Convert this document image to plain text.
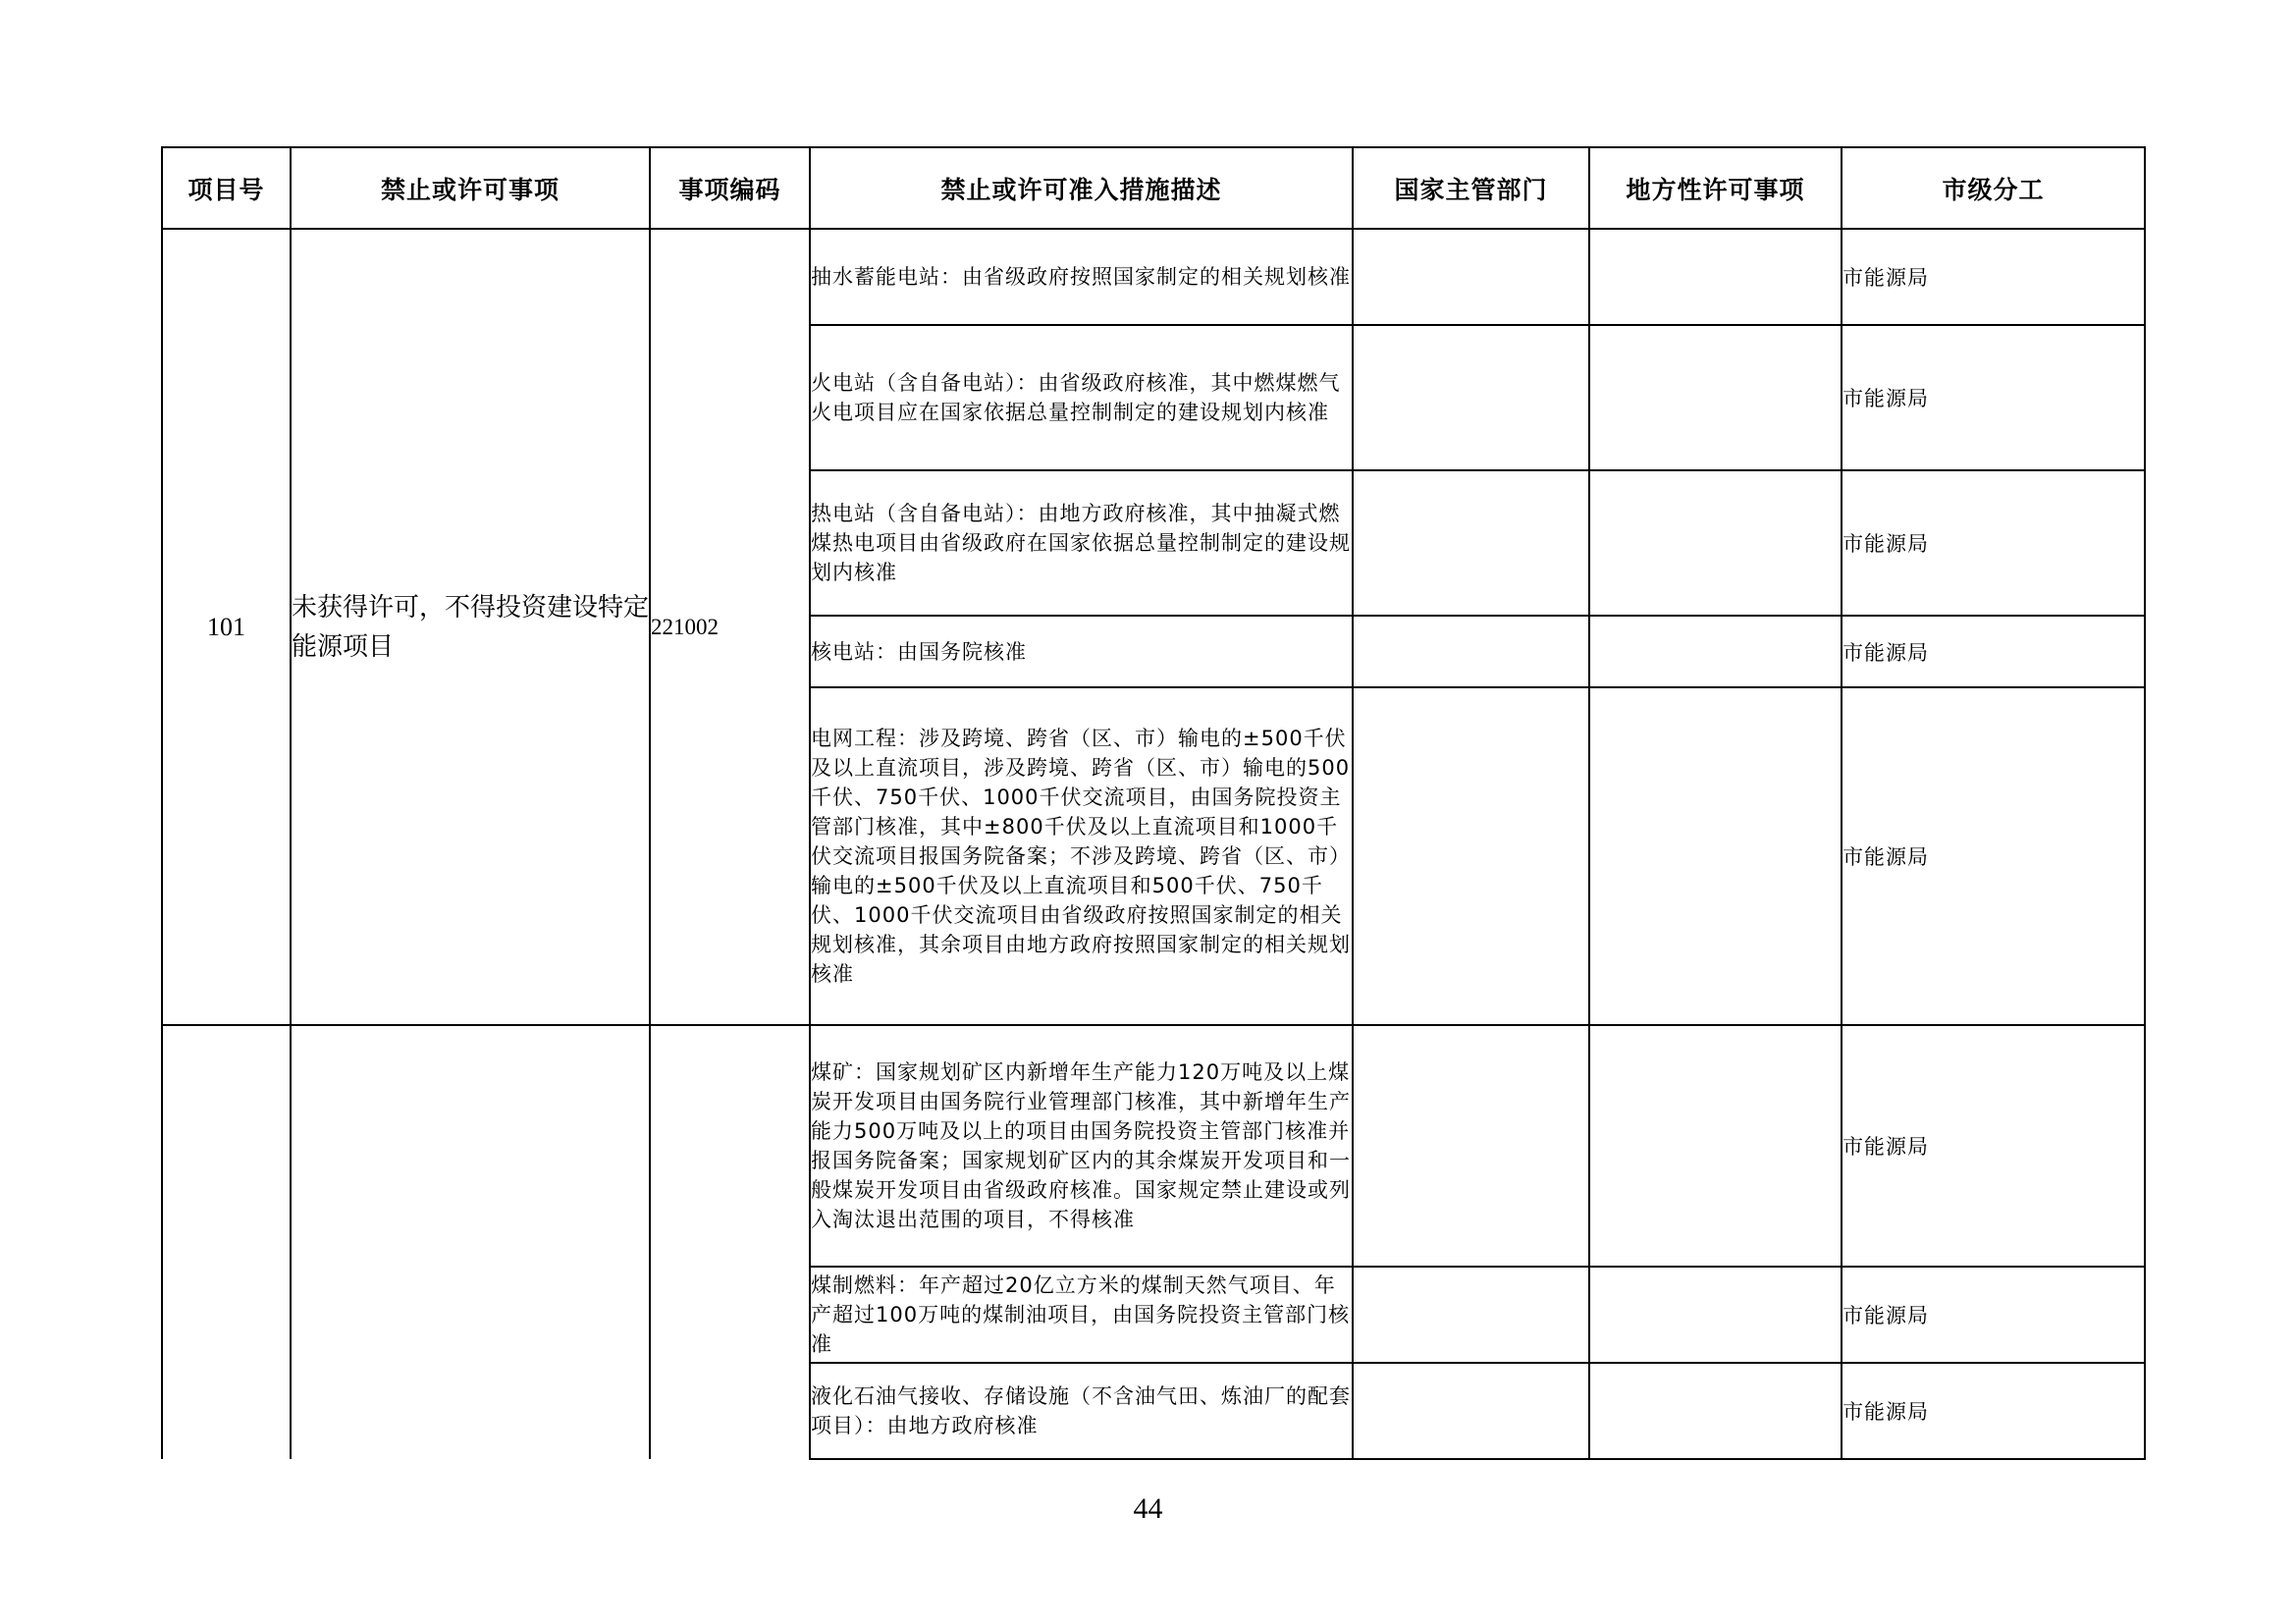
项目号	禁止或许可事项	事项编码	禁止或许可准入措施描述	国家主管部门	地方性许可事项	市级分工
101	未获得许可，不得投资建设特定能源项目	221002	抽水蓄能电站：由省级政府按照国家制定的相关规划核准			市能源局
			火电站（含自备电站）：由省级政府核准，其中燃煤燃气火电项目应在国家依据总量控制制定的建设规划内核准			市能源局
			热电站（含自备电站）：由地方政府核准，其中抽凝式燃煤热电项目由省级政府在国家依据总量控制制定的建设规划内核准			市能源局
			核电站：由国务院核准			市能源局
			电网工程：涉及跨境、跨省（区、市）输电的±500千伏及以上直流项目，涉及跨境、跨省（区、市）输电的500千伏、750千伏、1000千伏交流项目，由国务院投资主管部门核准，其中±800千伏及以上直流项目和1000千伏交流项目报国务院备案；不涉及跨境、跨省（区、市）输电的±500千伏及以上直流项目和500千伏、750千伏、1000千伏交流项目由省级政府按照国家制定的相关规划核准，其余项目由地方政府按照国家制定的相关规划核准			市能源局
			煤矿：国家规划矿区内新增年生产能力120万吨及以上煤炭开发项目由国务院行业管理部门核准，其中新增年生产能力500万吨及以上的项目由国务院投资主管部门核准并报国务院备案；国家规划矿区内的其余煤炭开发项目和一般煤炭开发项目由省级政府核准。国家规定禁止建设或列入淘汰退出范围的项目，不得核准			市能源局
			煤制燃料：年产超过20亿立方米的煤制天然气项目、年产超过100万吨的煤制油项目，由国务院投资主管部门核准			市能源局
			液化石油气接收、存储设施（不含油气田、炼油厂的配套项目）：由地方政府核准			市能源局
44
